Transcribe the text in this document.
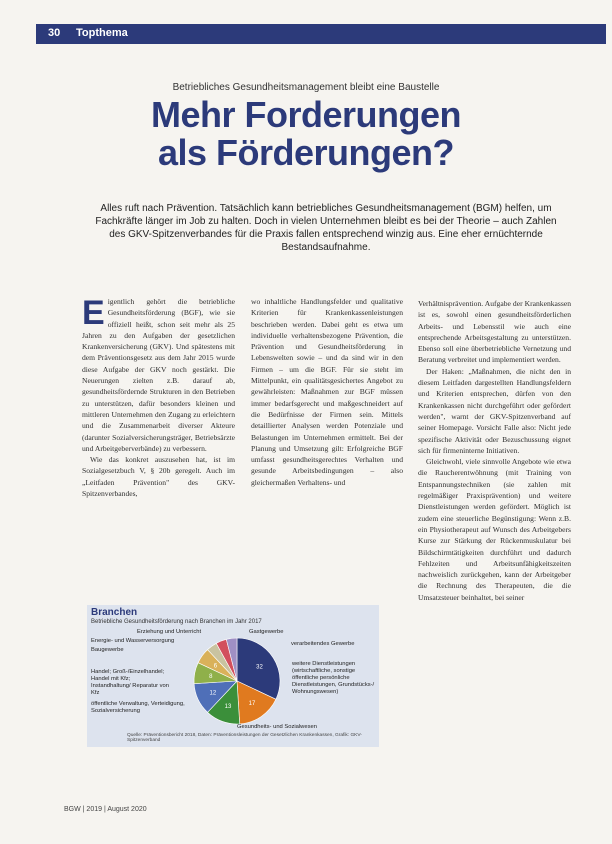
30 Topthema
Betriebliches Gesundheitsmanagement bleibt eine Baustelle
Mehr Forderungen
als Förderungen?
Alles ruft nach Prävention. Tatsächlich kann betriebliches Gesundheitsmanagement (BGM) helfen, um Fachkräfte länger im Job zu halten. Doch in vielen Unternehmen bleibt es bei der Theorie – auch Zahlen des GKV-Spitzenverbandes für die Praxis fallen entsprechend winzig aus. Eine eher ernüchternde Bestandsaufnahme.

Eigentlich gehört die betriebliche Gesundheitsförderung (BGF), wie sie offiziell heißt, schon seit mehr als 25 Jahren zu den Aufgaben der gesetzlichen Krankenversicherung (GKV). Und spätestens mit dem Präventionsgesetz aus dem Jahr 2015 wurde diese Aufgabe der GKV noch gestärkt. Die Neuerungen zielten z.B. darauf ab, gesundheitsfördernde Strukturen in den Betrieben zu unterstützen, dafür besonders kleinen und mittleren Unternehmen den Zugang zu erleichtern und die Zusammenarbeit diverser Akteure (darunter Sozialversicherungsträger, Betriebsärzte und Arbeitgeberverbände) zu verbessern.

Wie das konkret auszusehen hat, ist im Sozialgesetzbuch V, § 20b geregelt. Auch im „Leitfaden Prävention" des GKV-Spitzenverbandes,

wo inhaltliche Handlungsfelder und qualitative Kriterien für Krankenkassenleistungen beschrieben werden. Dabei geht es etwa um individuelle verhaltensbezogene Prävention, die Prävention und Gesundheitsförderung in Lebenswelten sowie – und da sind wir in den Firmen – um die BGF. Für sie steht im Mittelpunkt, ein qualitätsgesichertes Angebot zu gewährleisten: Maßnahmen zur BGF müssen immer bedarfsgerecht und maßgeschneidert auf die Bedürfnisse der Firmen sein. Mittels detaillierter Analysen werden Potenziale und Belastungen im Unternehmen ermittelt. Bei der Planung und Umsetzung gilt: Erfolgreiche BGF umfasst gesundheitsgerechtes Verhalten und gesunde Arbeitsbedingungen – also gleichermaßen Verhaltens- und

Verhältnisprävention. Aufgabe der Krankenkassen ist es, sowohl einen gesundheitsförderlichen Arbeits- und Lebensstil wie auch eine entsprechende Arbeitsgestaltung zu unterstützen. Ebenso soll eine überbetriebliche Vernetzung und Beratung verbreitet und implementiert werden.

Der Haken: „Maßnahmen, die nicht den in diesem Leitfaden dargestellten Handlungsfeldern und Kriterien entsprechen, dürfen von den Krankenkassen nicht durchgeführt oder gefördert werden", warnt der GKV-Spitzenverband auf seiner Homepage. Vorsicht Falle also: Nicht jede spezifische Aktivität oder Bezuschussung eignet sich für firmeninterne Initiativen.

Gleichwohl, viele sinnvolle Angebote wie etwa die Raucherentwöhnung (mit Training von Entspannungstechniken (sie zahlen mit regelmäßiger Praxisprävention) und weitere Dienstleistungen werden gefördert. Möglich ist zudem eine steuerliche Begünstigung: Wenn z.B. ein Physiotherapeut auf Wunsch des Arbeitgebers Kurse zur Stärkung der Rückenmuskulatur bei Bildschirmtätigkeiten durchführt und dadurch Fehlzeiten und Arbeitsunfähigkeitszeiten nachweislich zurückgehen, kann der Arbeitgeber die Rechnung des Therapeuten, die die Umsatzsteuer beinhaltet, bei seiner

Branchen
Betriebliche Gesundheitsförderung nach Branchen im Jahr 2017
32
17
13
12
8
6
Erziehung und Unterricht
Energie- und Wasserversorgung
Baugewerbe
Gastgewerbe
Handel; Groß-/Einzelhandel; Handel mit Kfz; Instandhaltung/ Reparatur von Kfz
öffentliche Verwaltung, Verteidigung, Sozialversicherung
verarbeitendes Gewerbe
weitere Dienstleistungen (wirtschaftliche, sonstige öffentliche persönliche Dienstleistungen, Grundstücks-/ Wohnungswesen)
Gesundheits- und Sozialwesen
Quelle: Präventionsbericht 2018, Daten: Präventionsleistungen der Gesetzlichen Krankenkassen, Grafik: GKV-Spitzenverband
BGW | 2019 | August 2020
